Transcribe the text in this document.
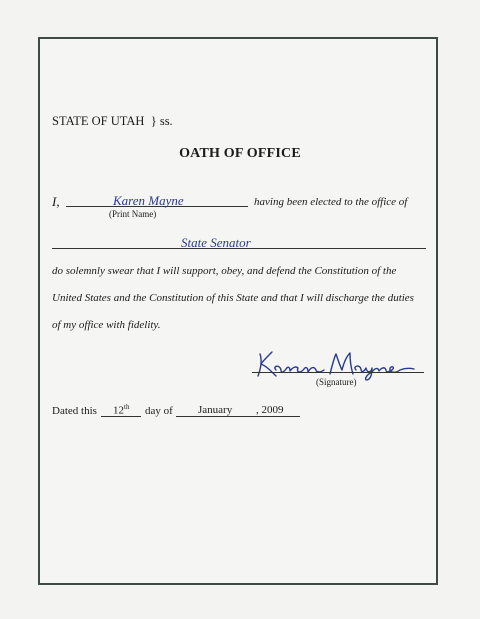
STATE OF UTAH } ss.
OATH OF OFFICE
I,	Karen Mayne
(Print Name)
having been elected to the office of
State Senator
do solemnly swear that I will support, obey, and defend the Constitution of the
United States and the Constitution of this State and that I will discharge the duties
of my office with fidelity.
(Signature)
Dated this 12th day of January , 2009
